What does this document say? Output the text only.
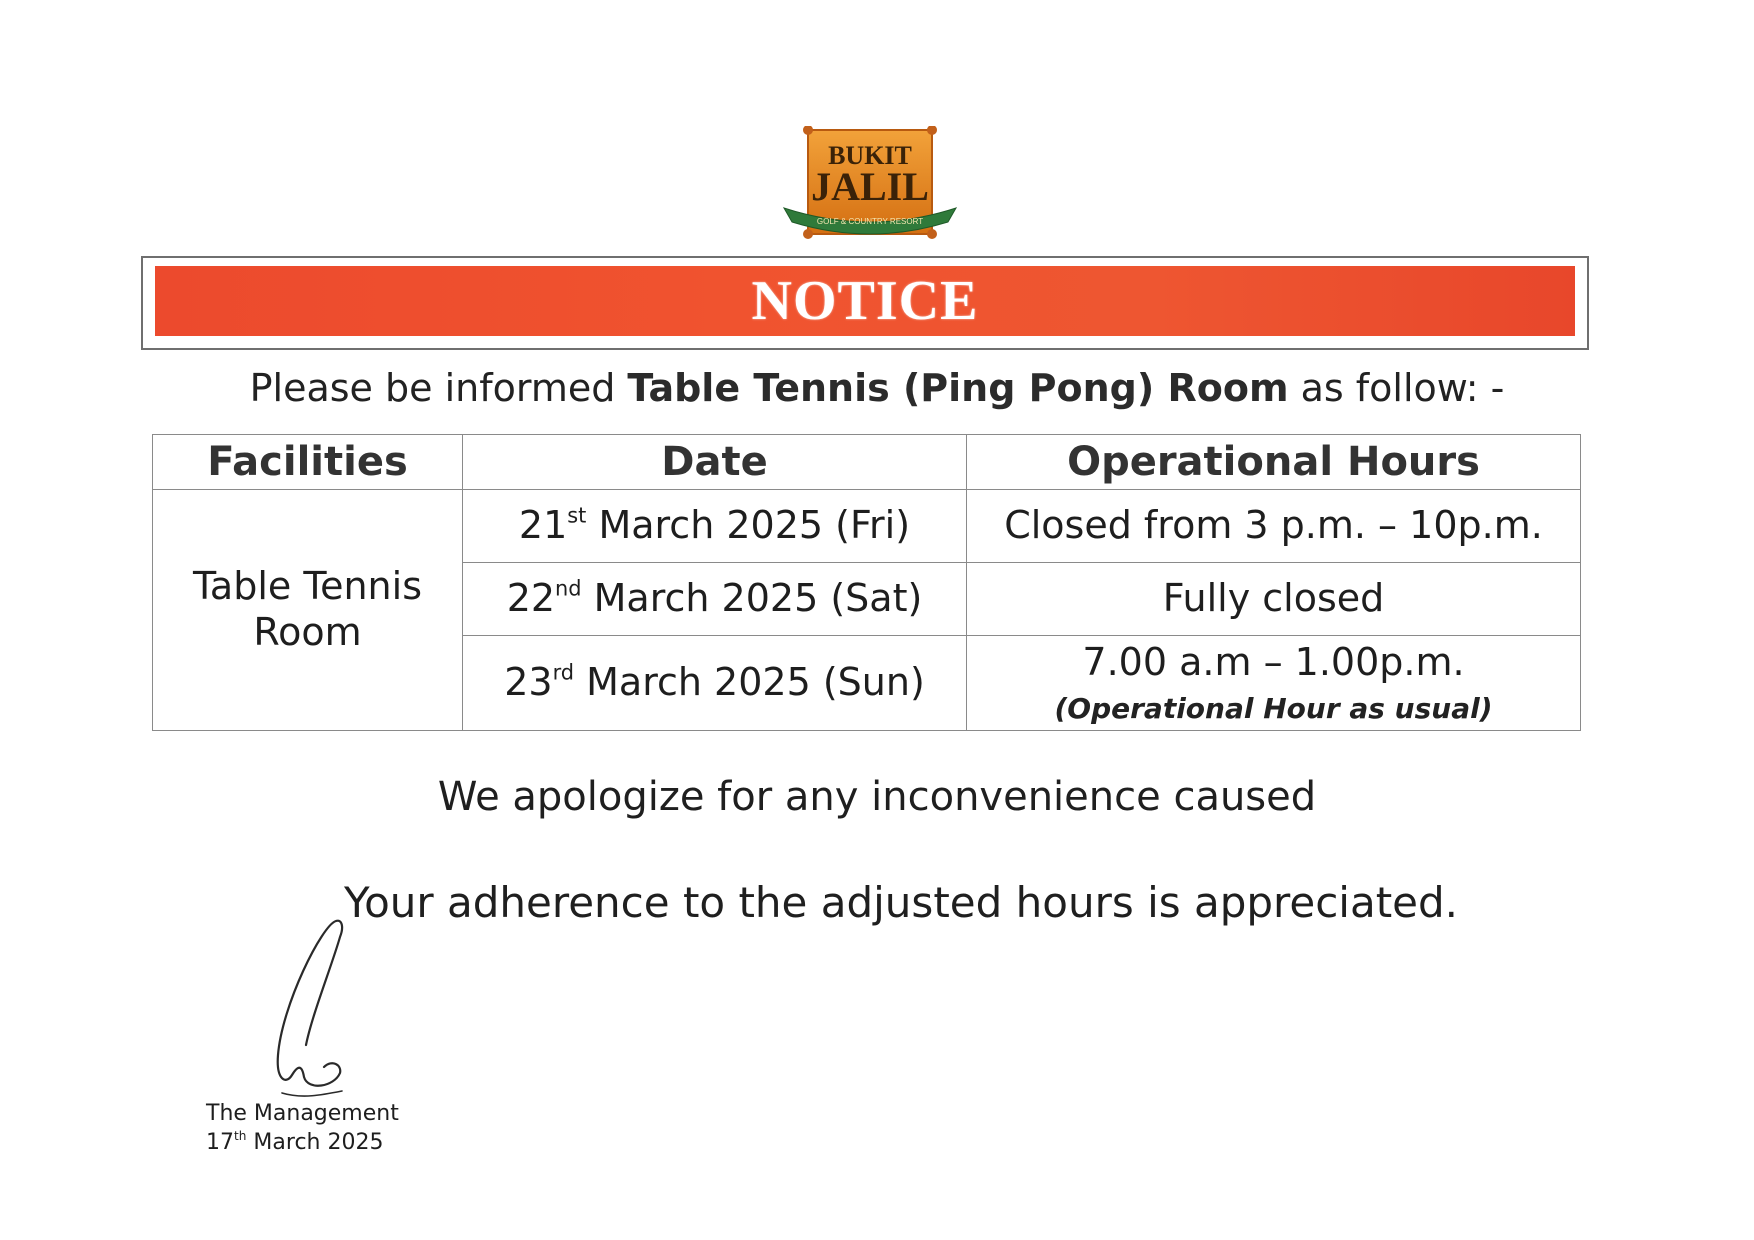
BUKIT
JALIL
GOLF & COUNTRY RESORT
NOTICE
Please be informed Table Tennis (Ping Pong) Room as follow: -
Facilities	Date	Operational Hours
Table Tennis Room	21st March 2025 (Fri)	Closed from 3 p.m. – 10p.m.
	22nd March 2025 (Sat)	Fully closed
	23rd March 2025 (Sun)	7.00 a.m – 1.00p.m.
(Operational Hour as usual)
We apologize for any inconvenience caused
Your adherence to the adjusted hours is appreciated.
The Management
17th March 2025
